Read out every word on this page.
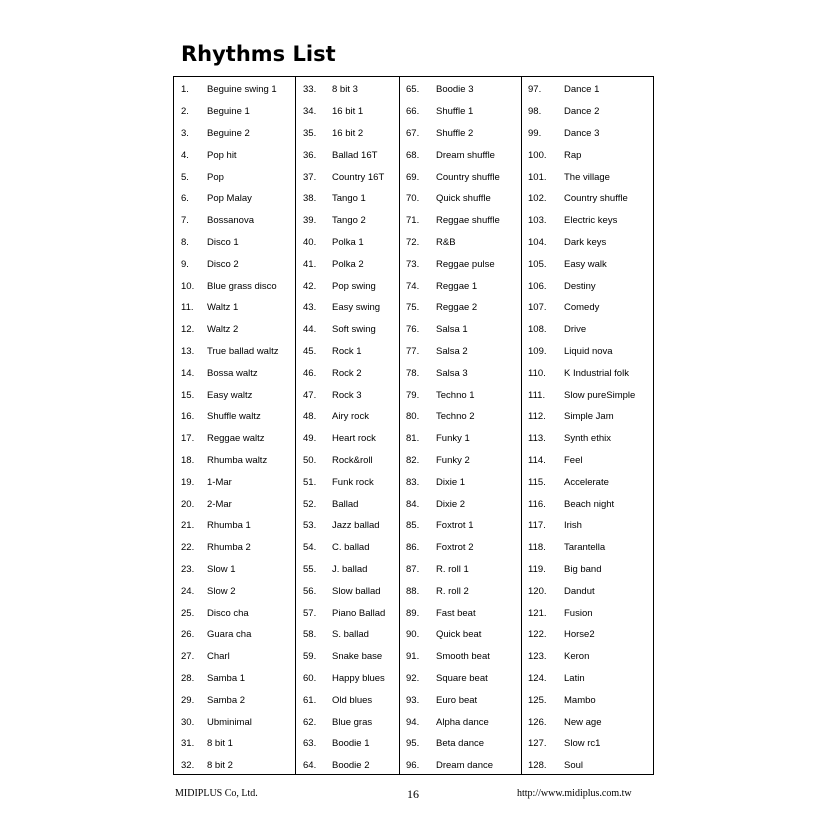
Rhythms List
1.	Beguine swing 1
2.	Beguine 1
3.	Beguine 2
4.	Pop hit
5.	Pop
6.	Pop Malay
7.	Bossanova
8.	Disco 1
9.	Disco 2
10.	Blue grass disco
11.	Waltz 1
12.	Waltz 2
13.	True ballad waltz
14.	Bossa waltz
15.	Easy waltz
16.	Shuffle waltz
17.	Reggae waltz
18.	Rhumba waltz
19.	1-Mar
20.	2-Mar
21.	Rhumba 1
22.	Rhumba 2
23.	Slow 1
24.	Slow 2
25.	Disco cha
26.	Guara cha
27.	Charl
28.	Samba 1
29.	Samba 2
30.	Ubminimal
31.	8 bit 1
32.	8 bit 2
33.	8 bit 3
34.	16 bit 1
35.	16 bit 2
36.	Ballad 16T
37.	Country 16T
38.	Tango 1
39.	Tango 2
40.	Polka 1
41.	Polka 2
42.	Pop swing
43.	Easy swing
44.	Soft swing
45.	Rock 1
46.	Rock 2
47.	Rock 3
48.	Airy rock
49.	Heart rock
50.	Rock&roll
51.	Funk rock
52.	Ballad
53.	Jazz ballad
54.	C. ballad
55.	J. ballad
56.	Slow ballad
57.	Piano Ballad
58.	S. ballad
59.	Snake base
60.	Happy blues
61.	Old blues
62.	Blue gras
63.	Boodie 1
64.	Boodie 2
65.	Boodie 3
66.	Shuffle 1
67.	Shuffle 2
68.	Dream shuffle
69.	Country shuffle
70.	Quick shuffle
71.	Reggae shuffle
72.	R&B
73.	Reggae pulse
74.	Reggae 1
75.	Reggae 2
76.	Salsa 1
77.	Salsa 2
78.	Salsa 3
79.	Techno 1
80.	Techno 2
81.	Funky 1
82.	Funky 2
83.	Dixie 1
84.	Dixie 2
85.	Foxtrot 1
86.	Foxtrot 2
87.	R. roll 1
88.	R. roll 2
89.	Fast beat
90.	Quick beat
91.	Smooth beat
92.	Square beat
93.	Euro beat
94.	Alpha dance
95.	Beta dance
96.	Dream dance
97.	Dance 1
98.	Dance 2
99.	Dance 3
100.	Rap
101.	The village
102.	Country shuffle
103.	Electric keys
104.	Dark keys
105.	Easy walk
106.	Destiny
107.	Comedy
108.	Drive
109.	Liquid nova
110.	K Industrial folk
111.	Slow pureSimple
112.	Simple Jam
113.	Synth ethix
114.	Feel
115.	Accelerate
116.	Beach night
117.	Irish
118.	Tarantella
119.	Big band
120.	Dandut
121.	Fusion
122.	Horse2
123.	Keron
124.	Latin
125.	Mambo
126.	New age
127.	Slow rc1
128.	Soul
MIDIPLUS Co, Ltd.	16	http://www.midiplus.com.tw
